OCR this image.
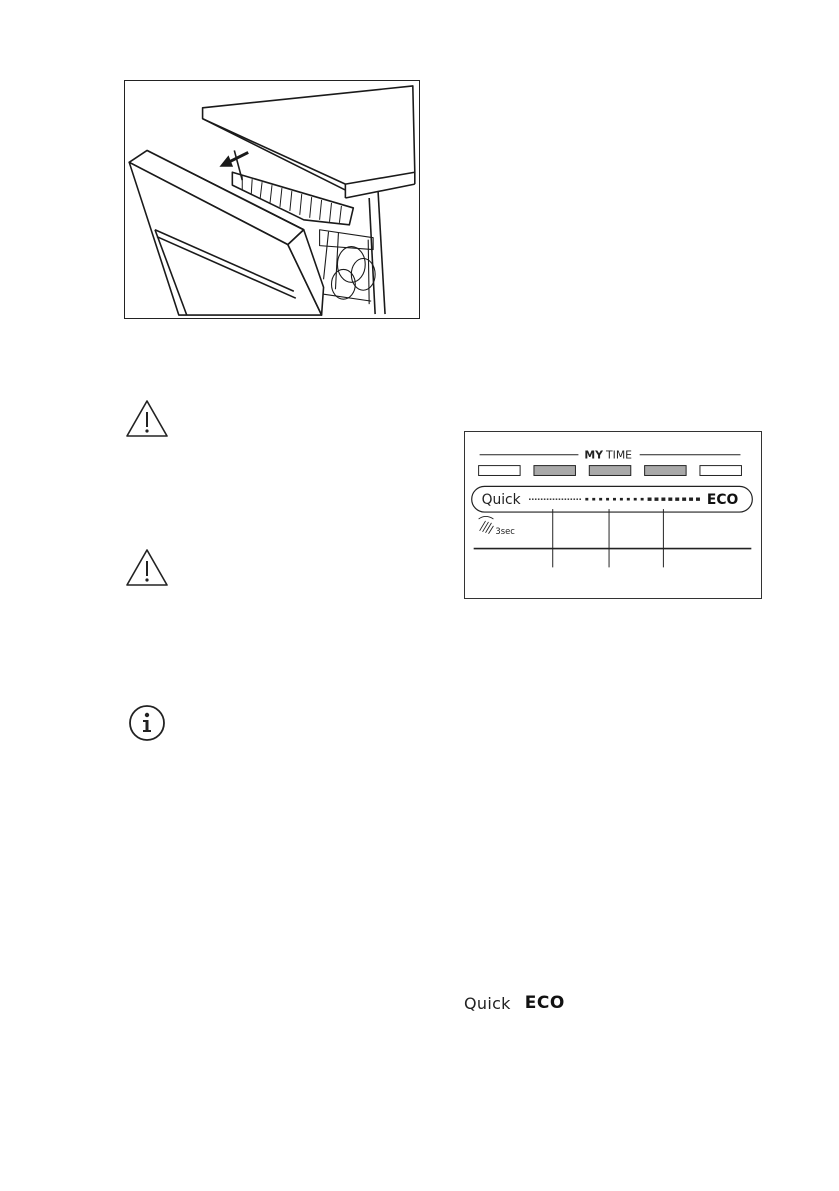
MY TIME
Quick	ECO
3sec
Quick ECO
